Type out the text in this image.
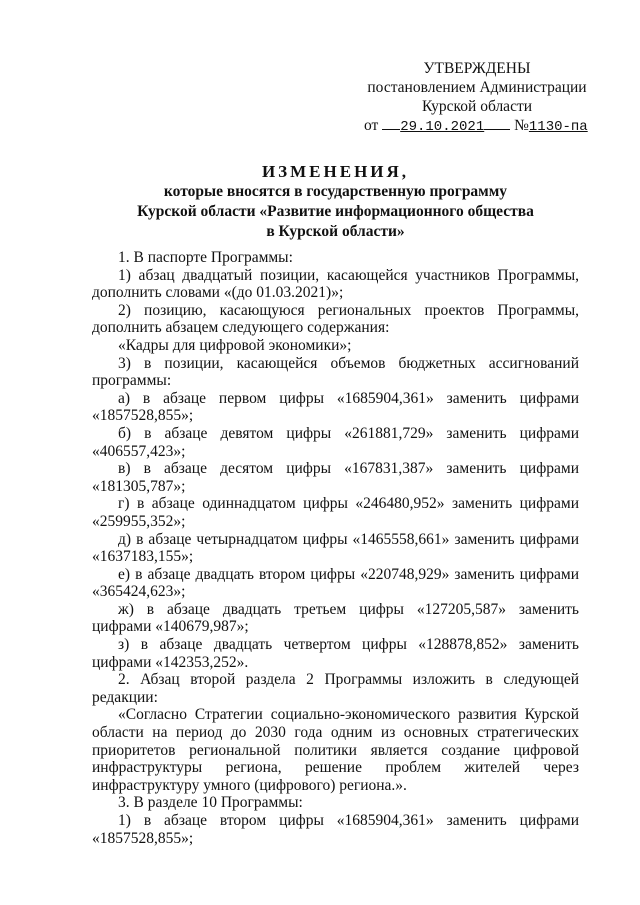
УТВЕРЖДЕНЫ
постановлением Администрации
Курской области
от 29.10.2021 №1130-па
ИЗМЕНЕНИЯ,
которые вносятся в государственную программу
Курской области «Развитие информационного общества
в Курской области»

1. В паспорте Программы:

1) абзац двадцатый позиции, касающейся участников Программы, дополнить словами «(до 01.03.2021)»;

2) позицию, касающуюся региональных проектов Программы, дополнить абзацем следующего содержания:

«Кадры для цифровой экономики»;

3) в позиции, касающейся объемов бюджетных ассигнований программы:

а) в абзаце первом цифры «1685904,361» заменить цифрами «1857528,855»;

б) в абзаце девятом цифры «261881,729» заменить цифрами «406557,423»;

в) в абзаце десятом цифры «167831,387» заменить цифрами «181305,787»;

г) в абзаце одиннадцатом цифры «246480,952» заменить цифрами «259955,352»;

д) в абзаце четырнадцатом цифры «1465558,661» заменить цифрами «1637183,155»;

е) в абзаце двадцать втором цифры «220748,929» заменить цифрами «365424,623»;

ж) в абзаце двадцать третьем цифры «127205,587» заменить цифрами «140679,987»;

з) в абзаце двадцать четвертом цифры «128878,852» заменить цифрами «142353,252».

2. Абзац второй раздела 2 Программы изложить в следующей редакции:

«Согласно Стратегии социально-экономического развития Курской области на период до 2030 года одним из основных стратегических приоритетов региональной политики является создание цифровой инфраструктуры региона, решение проблем жителей через инфраструктуру умного (цифрового) региона.».

3. В разделе 10 Программы:

1) в абзаце втором цифры «1685904,361» заменить цифрами «1857528,855»;
